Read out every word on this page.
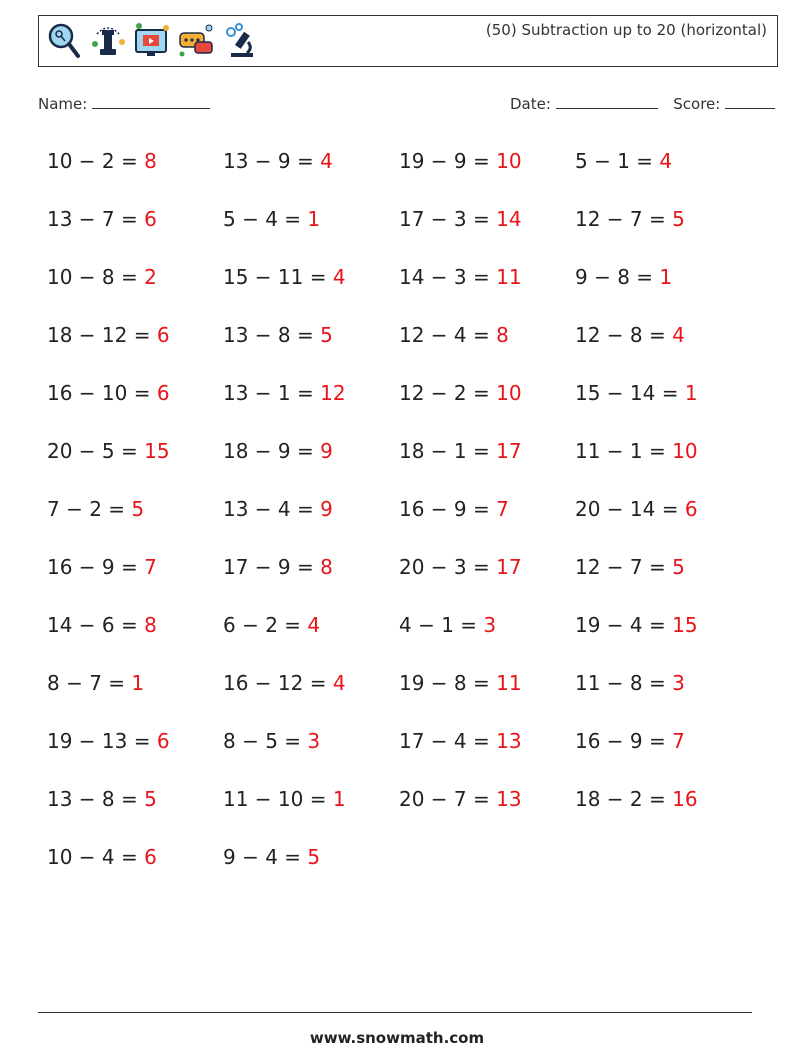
(50) Subtraction up to 20 (horizontal)
Name:	Date:	Score:
10 − 2 = 8	13 − 9 = 4	19 − 9 = 10	5 − 1 = 4
13 − 7 = 6	5 − 4 = 1	17 − 3 = 14	12 − 7 = 5
10 − 8 = 2	15 − 11 = 4	14 − 3 = 11	9 − 8 = 1
18 − 12 = 6	13 − 8 = 5	12 − 4 = 8	12 − 8 = 4
16 − 10 = 6	13 − 1 = 12	12 − 2 = 10	15 − 14 = 1
20 − 5 = 15	18 − 9 = 9	18 − 1 = 17	11 − 1 = 10
7 − 2 = 5	13 − 4 = 9	16 − 9 = 7	20 − 14 = 6
16 − 9 = 7	17 − 9 = 8	20 − 3 = 17	12 − 7 = 5
14 − 6 = 8	6 − 2 = 4	4 − 1 = 3	19 − 4 = 15
8 − 7 = 1	16 − 12 = 4	19 − 8 = 11	11 − 8 = 3
19 − 13 = 6	8 − 5 = 3	17 − 4 = 13	16 − 9 = 7
13 − 8 = 5	11 − 10 = 1	20 − 7 = 13	18 − 2 = 16
10 − 4 = 6	9 − 4 = 5
www.snowmath.com
